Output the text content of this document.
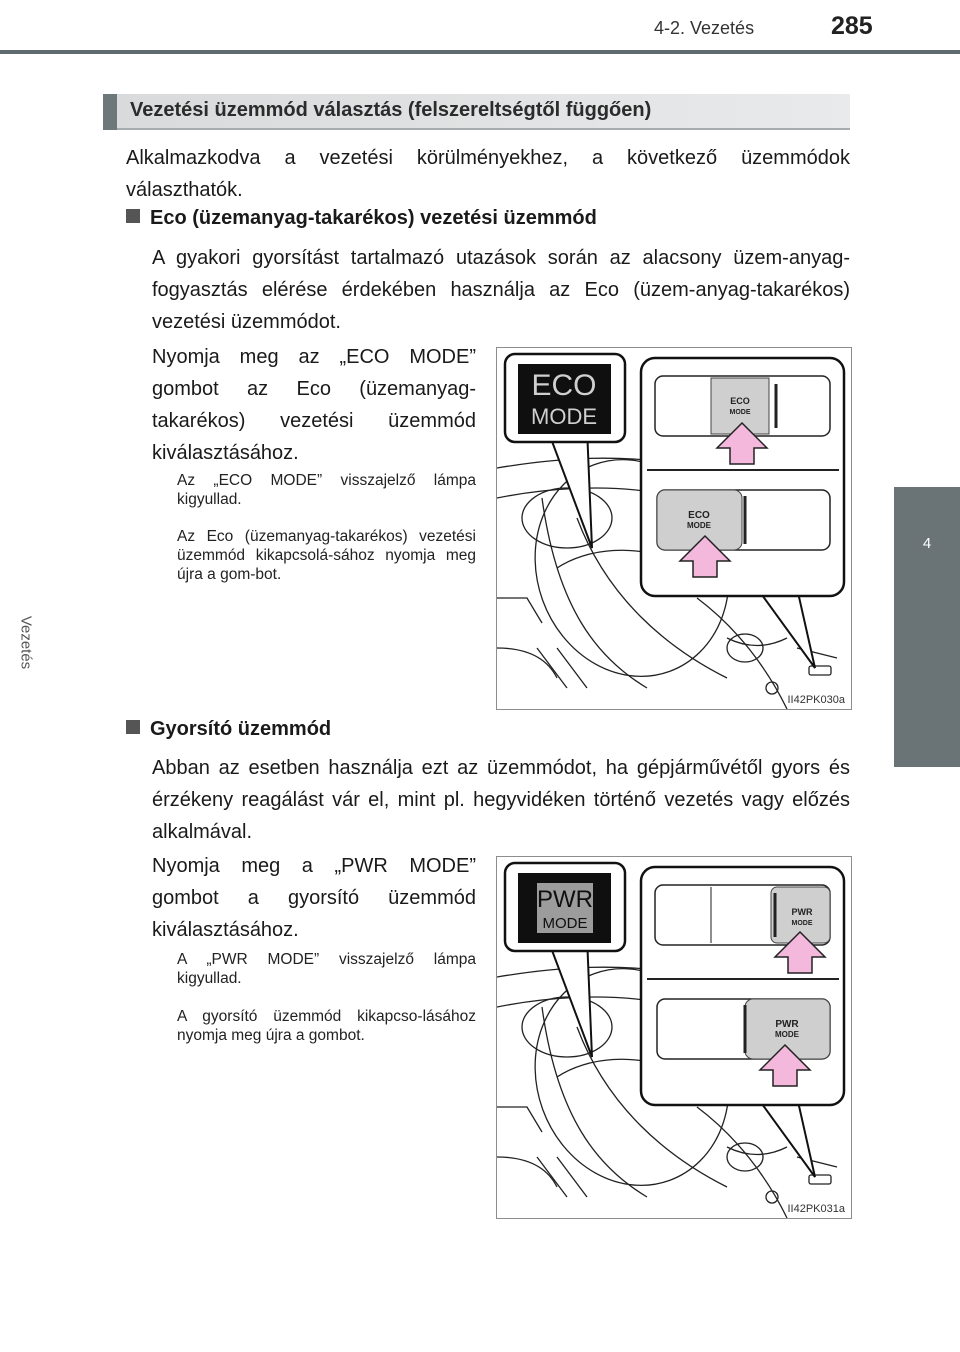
4-2. Vezetés	285
4
Vezetés
Vezetési üzemmód választás (felszereltségtől függően)
Alkalmazkodva a vezetési körülményekhez, a következő üzemmódok választhatók.
Eco (üzemanyag-takarékos) vezetési üzemmód
A gyakori gyorsítást tartalmazó utazások során az alacsony üzem-anyag-fogyasztás elérése érdekében használja az Eco (üzem-anyag-takarékos) vezetési üzemmódot.
Nyomja meg az „ECO MODE” gombot az Eco (üzemanyag-takarékos) vezetési üzemmód kiválasztásához.
Az „ECO MODE” visszajelző lámpa kigyullad.
Az Eco (üzemanyag-takarékos) vezetési üzemmód kikapcsolá-sához nyomja meg újra a gom-bot.
ECO
MODE
ECO
MODE
ECO
MODE
II42PK030a
Gyorsító üzemmód
Abban az esetben használja ezt az üzemmódot, ha gépjárművétől gyors és érzékeny reagálást vár el, mint pl. hegyvidéken történő vezetés vagy előzés alkalmával.
Nyomja meg a „PWR MODE” gombot a gyorsító üzemmód kiválasztásához.
A „PWR MODE” visszajelző lámpa kigyullad.
A gyorsító üzemmód kikapcso-lásához nyomja meg újra a gombot.
PWR
MODE
PWR
MODE
PWR
MODE
II42PK031a
